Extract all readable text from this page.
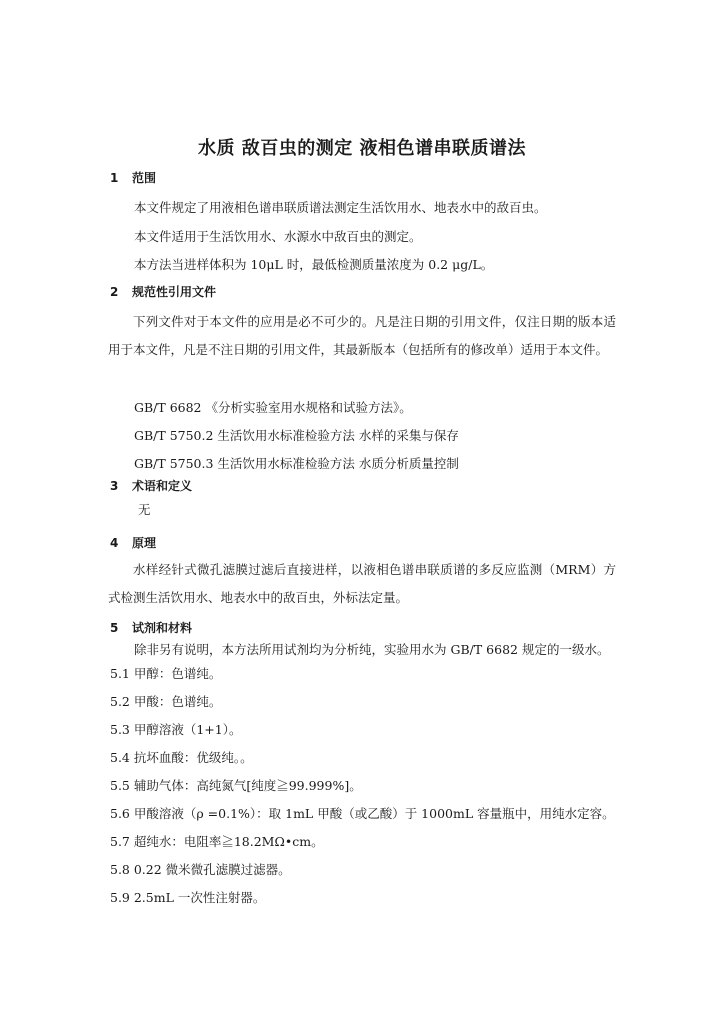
水质 敌百虫的测定 液相色谱串联质谱法
1 范围
本文件规定了用液相色谱串联质谱法测定生活饮用水、地表水中的敌百虫。
本文件适用于生活饮用水、水源水中敌百虫的测定。
本方法当进样体积为 10μL 时，最低检测质量浓度为 0.2 μg/L。
2 规范性引用文件
下列文件对于本文件的应用是必不可少的。凡是注日期的引用文件，仅注日期的版本适用于本文件，凡是不注日期的引用文件，其最新版本（包括所有的修改单）适用于本文件。
GB/T 6682 《分析实验室用水规格和试验方法》。
GB/T 5750.2 生活饮用水标准检验方法 水样的采集与保存
GB/T 5750.3 生活饮用水标准检验方法 水质分析质量控制
3 术语和定义
无
4 原理
水样经针式微孔滤膜过滤后直接进样，以液相色谱串联质谱的多反应监测（MRM）方式检测生活饮用水、地表水中的敌百虫，外标法定量。
5 试剂和材料
除非另有说明，本方法所用试剂均为分析纯，实验用水为 GB/T 6682 规定的一级水。
5.1 甲醇：色谱纯。
5.2 甲酸：色谱纯。
5.3 甲醇溶液（1+1）。
5.4 抗坏血酸：优级纯。。
5.5 辅助气体：高纯氮气[纯度≧99.999%]。
5.6 甲酸溶液（ρ =0.1%）：取 1mL 甲酸（或乙酸）于 1000mL 容量瓶中，用纯水定容。
5.7 超纯水：电阻率≧18.2MΩ•cm。
5.8 0.22 微米微孔滤膜过滤器。
5.9 2.5mL 一次性注射器。
